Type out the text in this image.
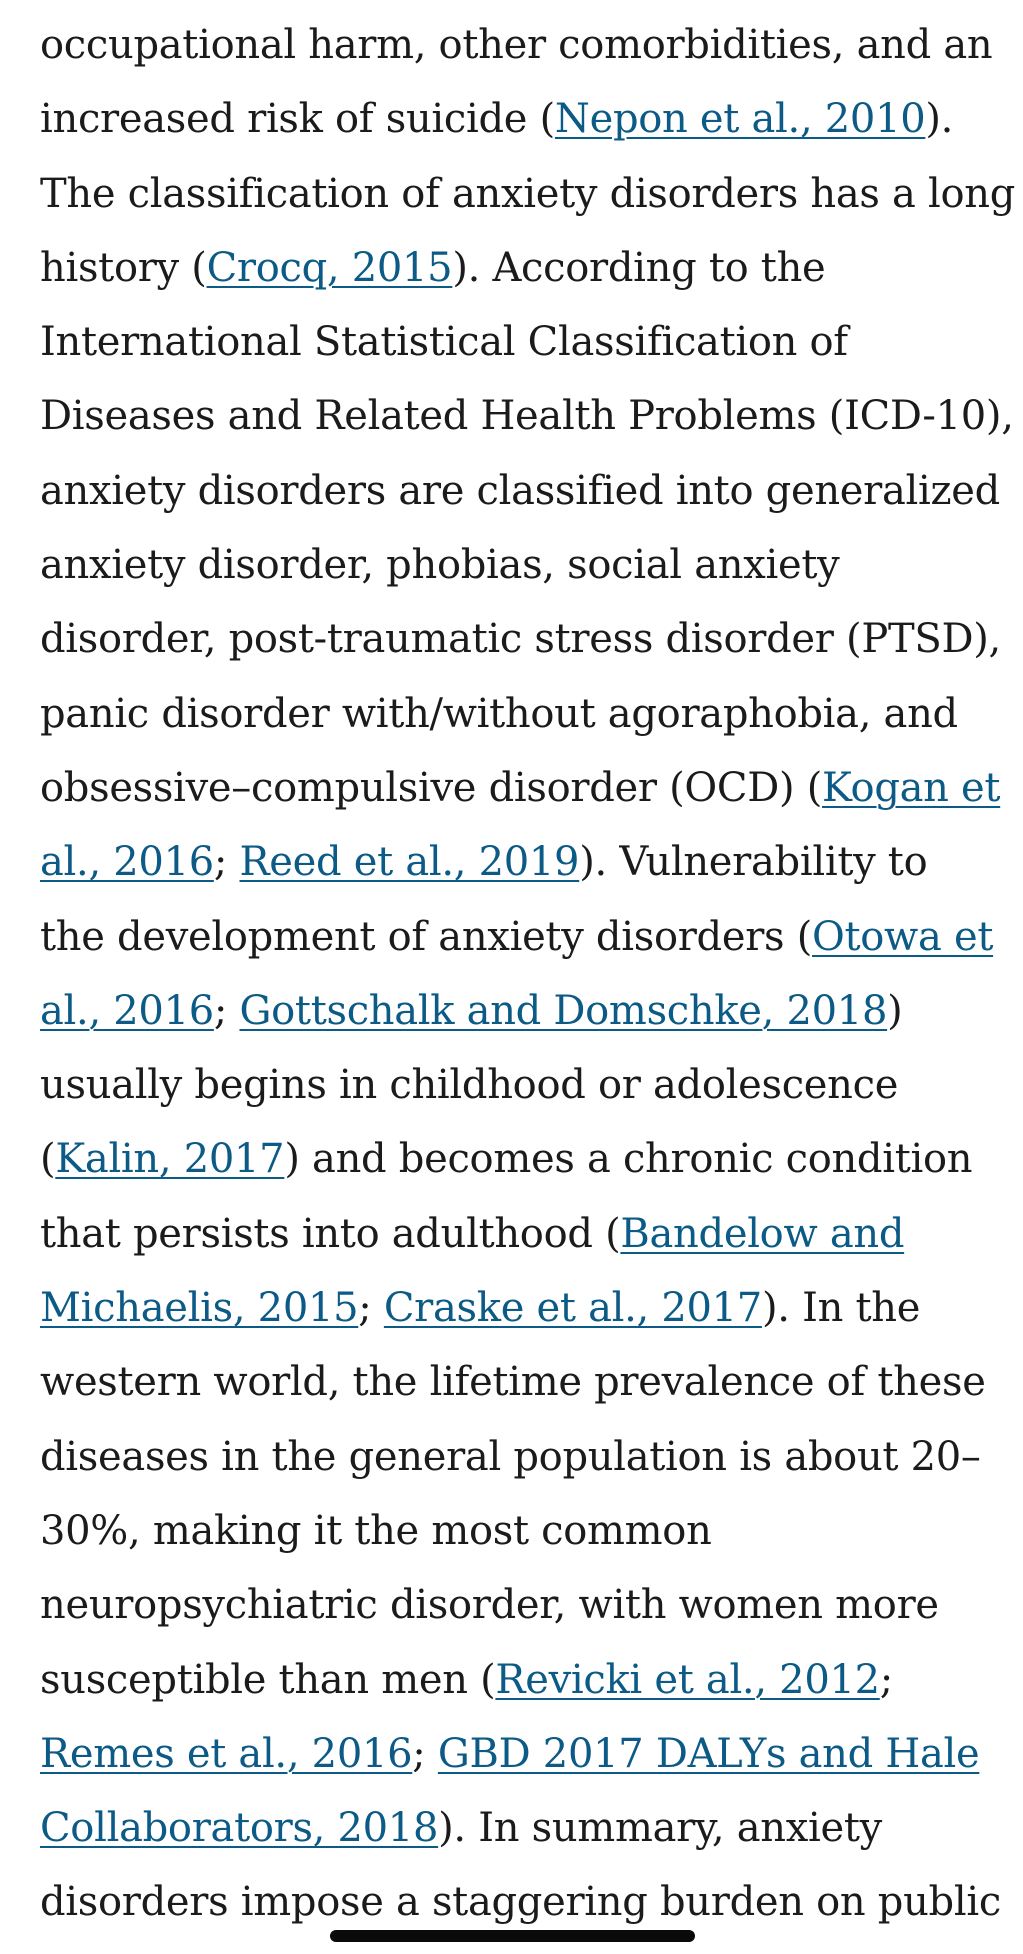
occupational harm, other comorbidities, and an
increased risk of suicide (Nepon et al., 2010).
The classification of anxiety disorders has a long
history (Crocq, 2015). According to the
International Statistical Classification of
Diseases and Related Health Problems (ICD-10),
anxiety disorders are classified into generalized
anxiety disorder, phobias, social anxiety
disorder, post-traumatic stress disorder (PTSD),
panic disorder with/without agoraphobia, and
obsessive–compulsive disorder (OCD) (Kogan et
al., 2016; Reed et al., 2019). Vulnerability to
the development of anxiety disorders (Otowa et
al., 2016; Gottschalk and Domschke, 2018)
usually begins in childhood or adolescence
(Kalin, 2017) and becomes a chronic condition
that persists into adulthood (Bandelow and
Michaelis, 2015; Craske et al., 2017). In the
western world, the lifetime prevalence of these
diseases in the general population is about 20–
30%, making it the most common
neuropsychiatric disorder, with women more
susceptible than men (Revicki et al., 2012;
Remes et al., 2016; GBD 2017 DALYs and Hale
Collaborators, 2018). In summary, anxiety
disorders impose a staggering burden on public
